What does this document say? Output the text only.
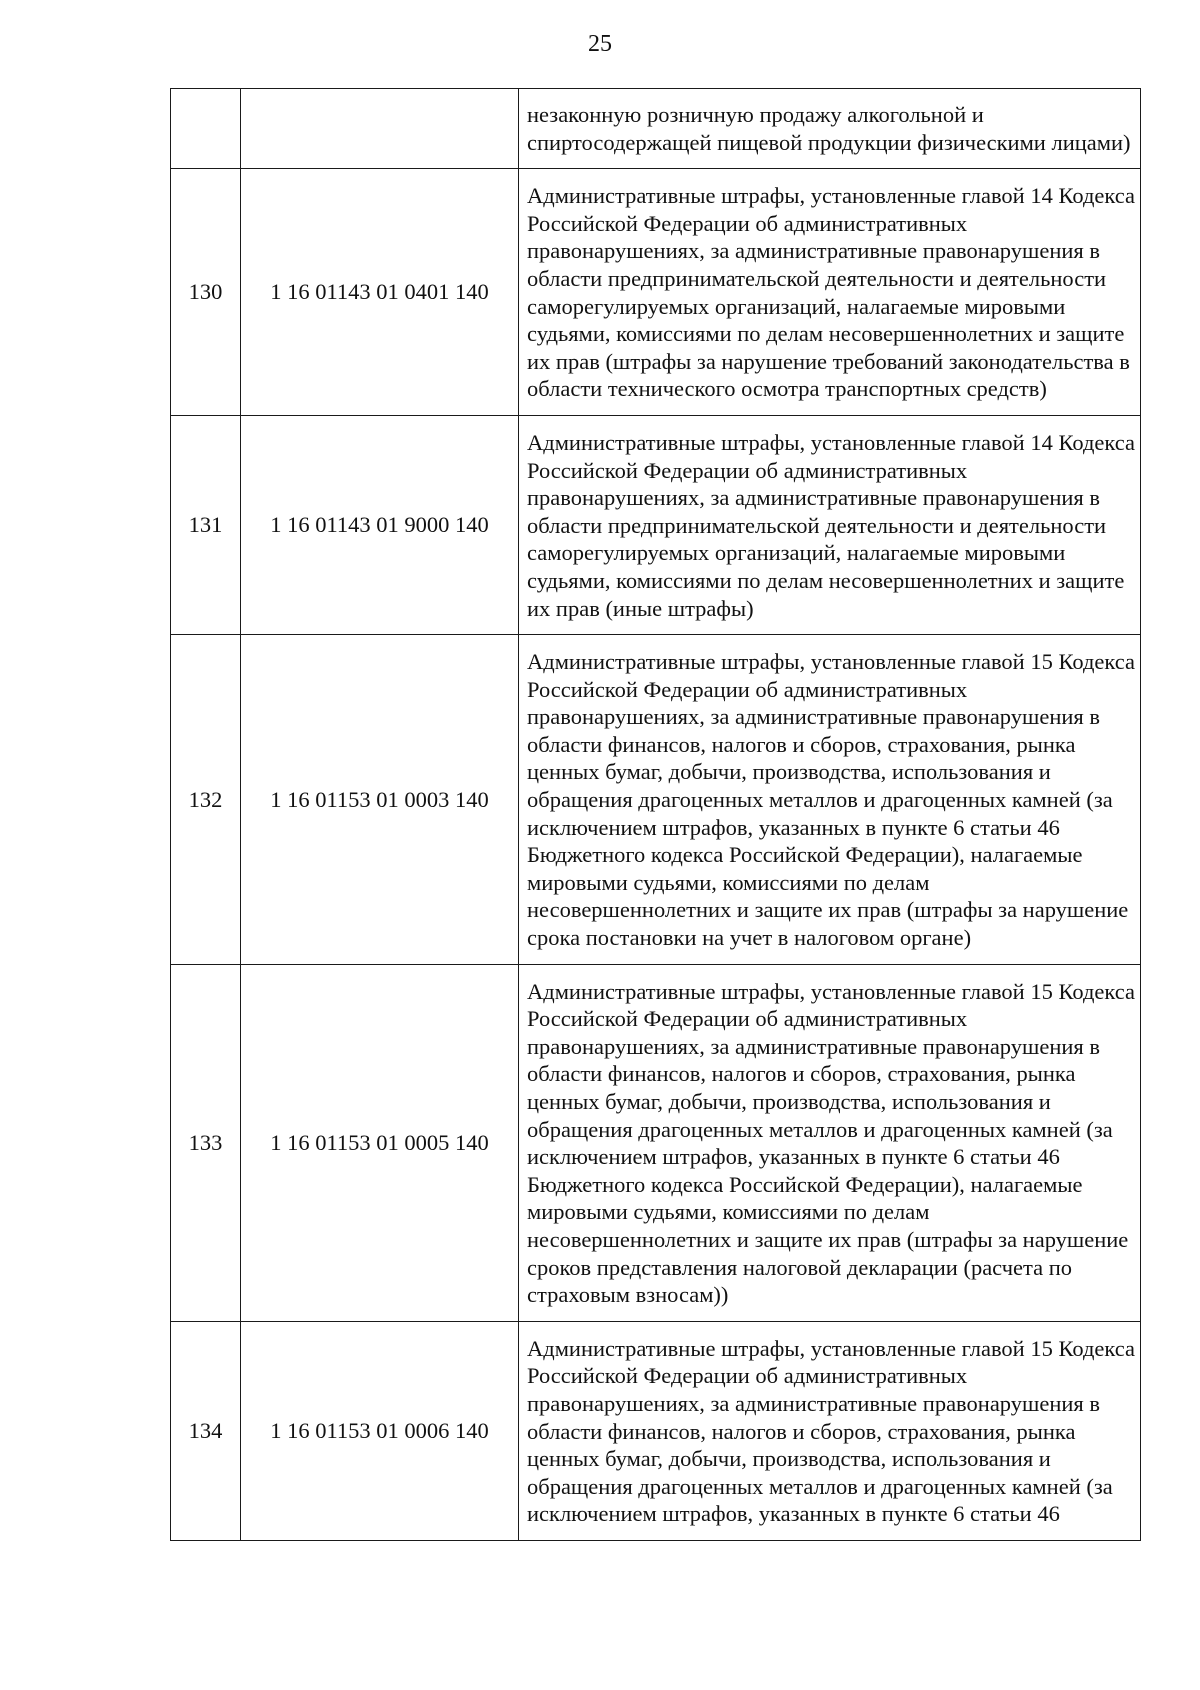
25

		незаконную розничную продажу алкогольной и спиртосодержащей пищевой продукции физическими лицами)

130	1 16 01143 01 0401 140	Административные штрафы, установленные главой 14 Кодекса Российской Федерации об административных правонарушениях, за административные правонарушения в области предпринимательской деятельности и деятельности саморегулируемых организаций, налагаемые мировыми судьями, комиссиями по делам несовершеннолетних и защите их прав (штрафы за нарушение требований законодательства в области технического осмотра транспортных средств)

131	1 16 01143 01 9000 140	Административные штрафы, установленные главой 14 Кодекса Российской Федерации об административных правонарушениях, за административные правонарушения в области предпринимательской деятельности и деятельности саморегулируемых организаций, налагаемые мировыми судьями, комиссиями по делам несовершеннолетних и защите их прав (иные штрафы)

132	1 16 01153 01 0003 140	Административные штрафы, установленные главой 15 Кодекса Российской Федерации об административных правонарушениях, за административные правонарушения в области финансов, налогов и сборов, страхования, рынка ценных бумаг, добычи, производства, использования и обращения драгоценных металлов и драгоценных камней (за исключением штрафов, указанных в пункте 6 статьи 46 Бюджетного кодекса Российской Федерации), налагаемые мировыми судьями, комиссиями по делам несовершеннолетних и защите их прав (штрафы за нарушение срока постановки на учет в налоговом органе)

133	1 16 01153 01 0005 140	Административные штрафы, установленные главой 15 Кодекса Российской Федерации об административных правонарушениях, за административные правонарушения в области финансов, налогов и сборов, страхования, рынка ценных бумаг, добычи, производства, использования и обращения драгоценных металлов и драгоценных камней (за исключением штрафов, указанных в пункте 6 статьи 46 Бюджетного кодекса Российской Федерации), налагаемые мировыми судьями, комиссиями по делам несовершеннолетних и защите их прав (штрафы за нарушение сроков представления налоговой декларации (расчета по страховым взносам))

134	1 16 01153 01 0006 140	Административные штрафы, установленные главой 15 Кодекса Российской Федерации об административных правонарушениях, за административные правонарушения в области финансов, налогов и сборов, страхования, рынка ценных бумаг, добычи, производства, использования и обращения драгоценных металлов и драгоценных камней (за исключением штрафов, указанных в пункте 6 статьи 46
